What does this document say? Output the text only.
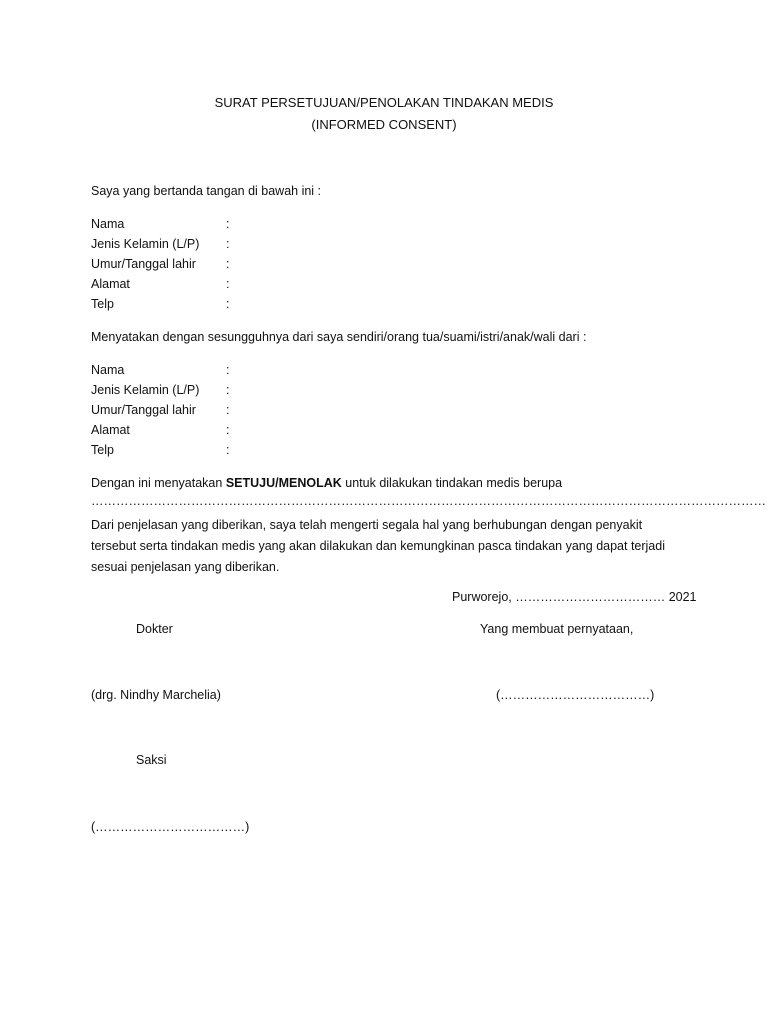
SURAT PERSETUJUAN/PENOLAKAN TINDAKAN MEDIS
(INFORMED CONSENT)
Saya yang bertanda tangan di bawah ini :
Nama	:
Jenis Kelamin (L/P) :
Umur/Tanggal lahir :
Alamat	:
Telp	:
Menyatakan dengan sesungguhnya dari saya sendiri/orang tua/suami/istri/anak/wali dari :
Nama	:
Jenis Kelamin (L/P) :
Umur/Tanggal lahir :
Alamat	:
Telp	:
Dengan ini menyatakan SETUJU/MENOLAK untuk dilakukan tindakan medis berupa
………………………………………………………………………………………………………………………………………………
Dari penjelasan yang diberikan, saya telah mengerti segala hal yang berhubungan dengan penyakit tersebut serta tindakan medis yang akan dilakukan dan kemungkinan pasca tindakan yang dapat terjadi sesuai penjelasan yang diberikan.
Purworejo, ……………………………… 2021
Dokter	Yang membuat pernyataan,
(drg. Nindhy Marchelia)	(………………………………)
Saksi
(………………………………)
